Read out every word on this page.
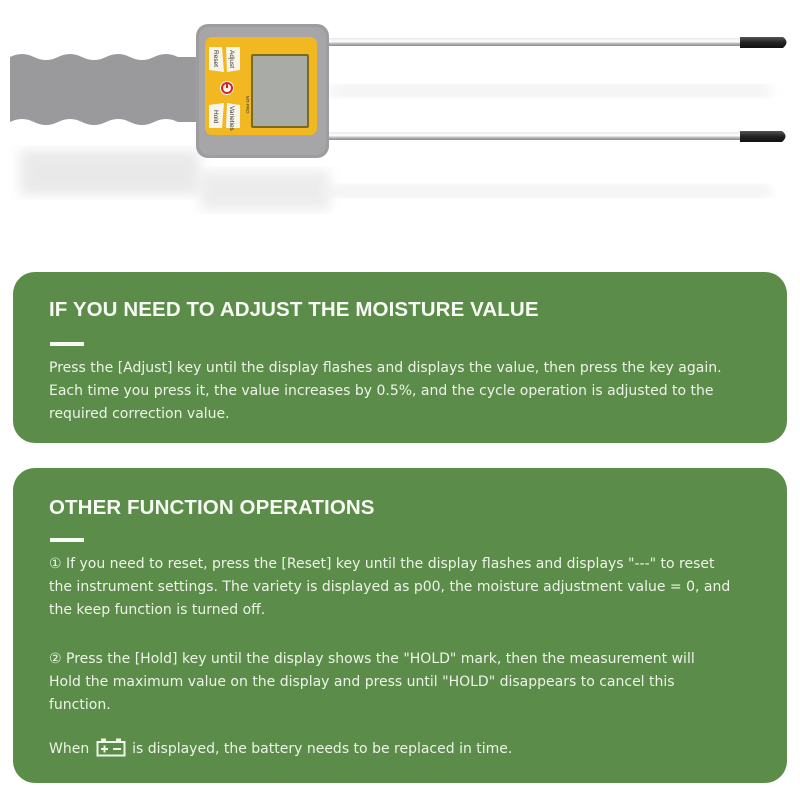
Reset Adjust
Hold Varieties
MT-PRO
IF YOU NEED TO ADJUST THE MOISTURE VALUE
Press the [Adjust] key until the display flashes and displays the value, then press the key again.
Each time you press it, the value increases by 0.5%, and the cycle operation is adjusted to the
required correction value.
OTHER FUNCTION OPERATIONS
① If you need to reset, press the [Reset] key until the display flashes and displays "---" to reset
the instrument settings. The variety is displayed as p00, the moisture adjustment value = 0, and
the keep function is turned off.
② Press the [Hold] key until the display shows the "HOLD" mark, then the measurement will
Hold the maximum value on the display and press until "HOLD" disappears to cancel this
function.
When	is displayed, the battery needs to be replaced in time.
